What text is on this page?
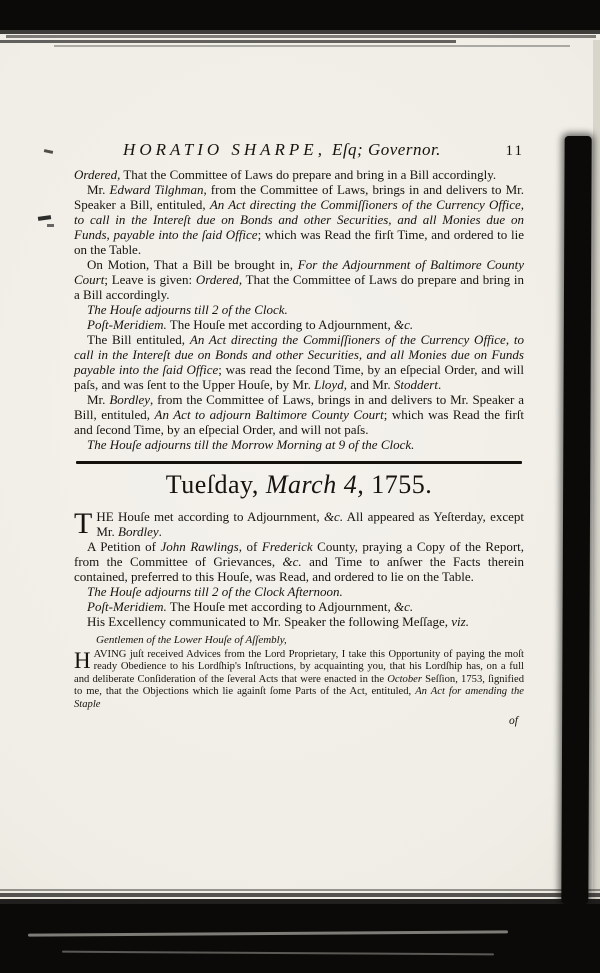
HORATIO SHARPE, Eſq; Governor.	11

Ordered, That the Committee of Laws do prepare and bring in a Bill accordingly.

Mr. Edward Tilghman, from the Committee of Laws, brings in and delivers to Mr. Speaker a Bill, entituled, An Act directing the Commiſſioners of the Currency Office, to call in the Intereſt due on Bonds and other Securities, and all Monies due on Funds, payable into the ſaid Office; which was Read the firſt Time, and ordered to lie on the Table.

On Motion, That a Bill be brought in, For the Adjournment of Baltimore County Court; Leave is given: Ordered, That the Committee of Laws do prepare and bring in a Bill accordingly.

The Houſe adjourns till 2 of the Clock.

Poſt-Meridiem. The Houſe met according to Adjournment, &c.

The Bill entituled, An Act directing the Commiſſioners of the Currency Office, to call in the Intereſt due on Bonds and other Securities, and all Monies due on Funds payable into the ſaid Office; was read the ſecond Time, by an eſpecial Order, and will paſs, and was ſent to the Upper Houſe, by Mr. Lloyd, and Mr. Stoddert.

Mr. Bordley, from the Committee of Laws, brings in and delivers to Mr. Speaker a Bill, entituled, An Act to adjourn Baltimore County Court; which was Read the firſt and ſecond Time, by an eſpecial Order, and will not paſs.

The Houſe adjourns till the Morrow Morning at 9 of the Clock.

Tueſday, March 4, 1755.

THE Houſe met according to Adjournment, &c. All appeared as Yeſterday, except Mr. Bordley.

A Petition of John Rawlings, of Frederick County, praying a Copy of the Report, from the Committee of Grievances, &c. and Time to anſwer the Facts therein contained, preferred to this Houſe, was Read, and ordered to lie on the Table.

The Houſe adjourns till 2 of the Clock Afternoon.

Poſt-Meridiem. The Houſe met according to Adjournment, &c.

His Excellency communicated to Mr. Speaker the following Meſſage, viz.

Gentlemen of the Lower Houſe of Aſſembly,

HAVING juſt received Advices from the Lord Proprietary, I take this Opportunity of paying the moſt ready Obedience to his Lordſhip's Inſtructions, by acquainting you, that his Lordſhip has, on a full and deliberate Conſideration of the ſeveral Acts that were enacted in the October Seſſion, 1753, ſignified to me, that the Objections which lie againſt ſome Parts of the Act, entituled, An Act for amending the Staple

of
